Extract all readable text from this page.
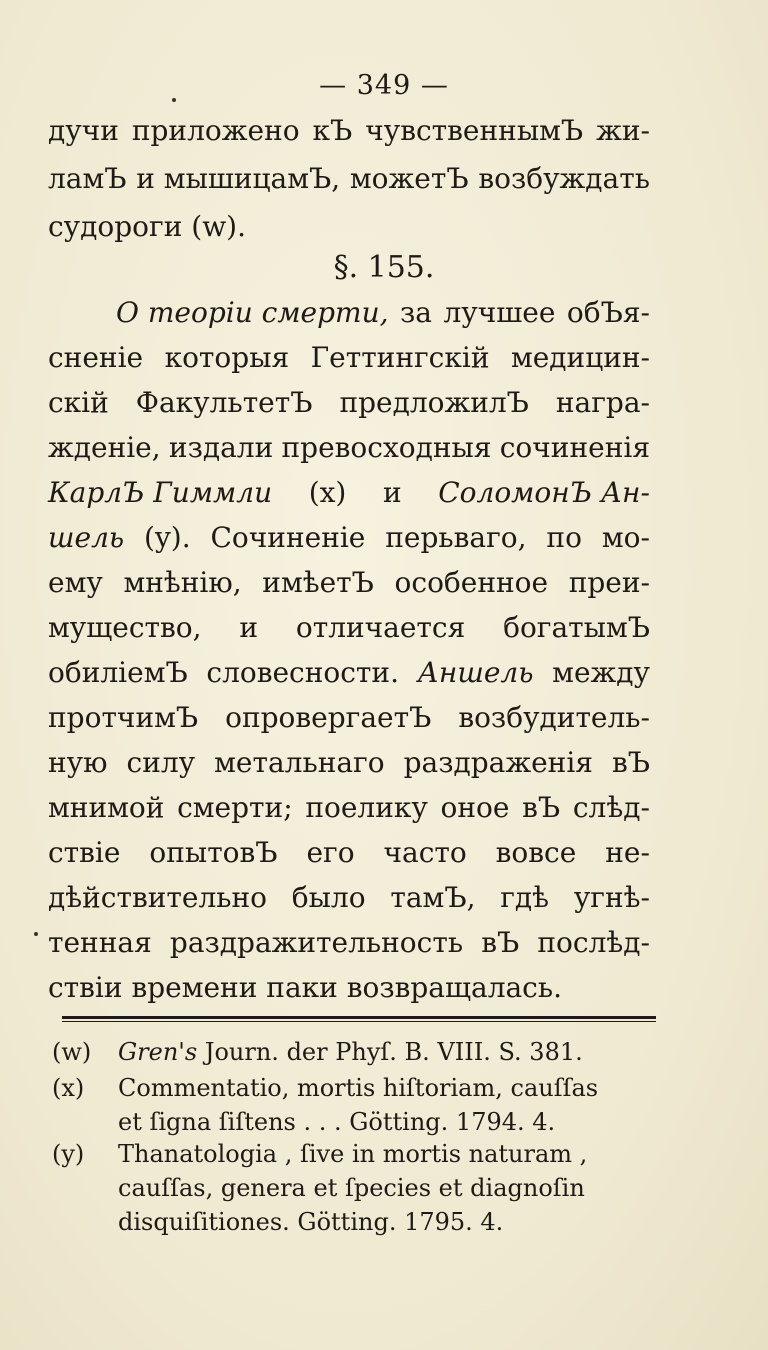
— 349 —
дучи приложено кЪ чувственнымЪ жи-
ламЪ и мышицамЪ, можетЪ возбуждать
судороги (w).
§. 155.
О теоріи смерти, за лучшее обЪя-
сненіе которыя Геттингскій медицин-
скій ФакультетЪ предложилЪ награ-
жденіе, издали превосходныя сочиненія
КарлЪ Гиммли (x) и СоломонЪ Ан-
шель (y). Сочиненіе перьваго, по мо-
ему мнѣнію, имѣетЪ особенное преи-
мущество, и отличается богатымЪ
обиліемЪ словесности. Аншель между
протчимЪ опровергаетЪ возбудитель-
ную силу метальнаго раздраженія вЪ
мнимой смерти; поелику оное вЪ слѣд-
ствіе опытовЪ его часто вовсе не-
дѣйствительно было тамЪ, гдѣ угнѣ-
тенная раздражительность вЪ послѣд-
ствіи времени паки возвращалась.
(w) Gren's Journ. der Phyſ. B. VIII. S. 381.
(x) Commentatio, mortis hiſtoriam, cauſſas
et ſigna ſiſtens . . . Götting. 1794. 4.
(y) Thanatologia , ſive in mortis naturam ,
cauſſas, genera et ſpecies et diagnoſin
disquiſitiones. Götting. 1795. 4.
